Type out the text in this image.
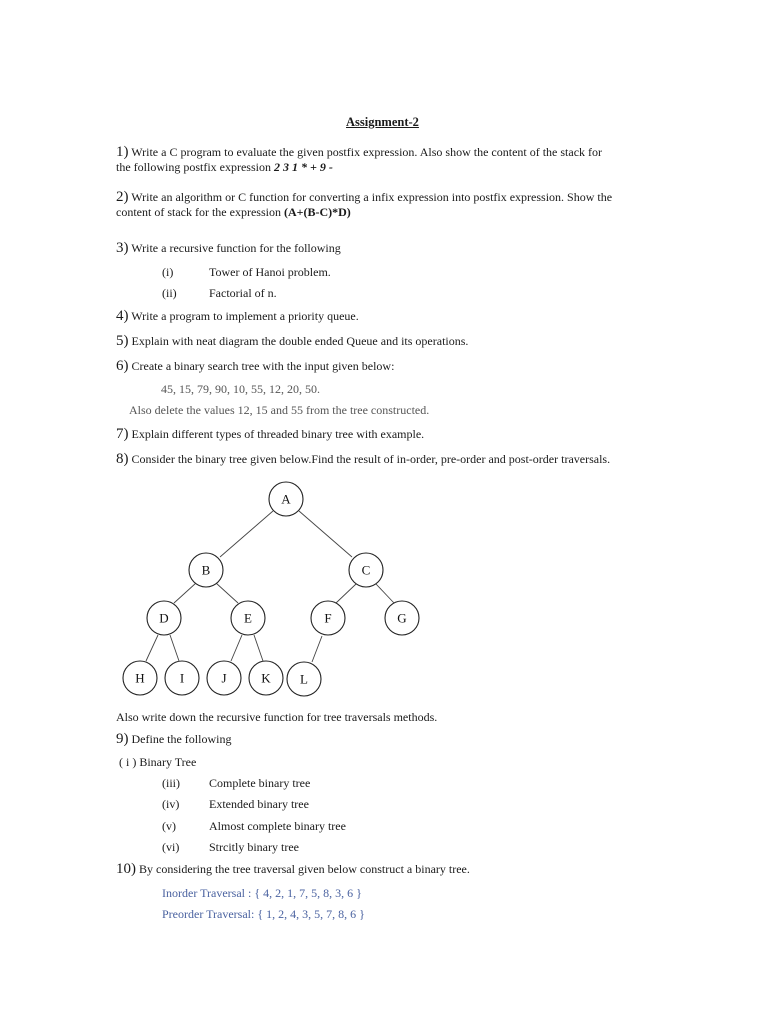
Assignment-2
1) Write a C program to evaluate the given postfix expression. Also show the content of the stack for
the following postfix expression 2 3 1 * + 9 -
2) Write an algorithm or C function for converting a infix expression into postfix expression. Show the
content of stack for the expression (A+(B-C)*D)
3) Write a recursive function for the following
(i)	Tower of Hanoi problem.
(ii)	Factorial of n.
4) Write a program to implement a priority queue.
5) Explain with neat diagram the double ended Queue and its operations.
6) Create a binary search tree with the input given below:
45, 15, 79, 90, 10, 55, 12, 20, 50.
Also delete the values 12, 15 and 55 from the tree constructed.
7) Explain different types of threaded binary tree with example.
8) Consider the binary tree given below.Find the result of in-order, pre-order and post-order traversals.
A
B	C
D	E	F	G
H	I	J	K L
Also write down the recursive function for tree traversals methods.
9) Define the following
( i ) Binary Tree
(iii) Complete binary tree
(iv) Extended binary tree
(v)	Almost complete binary tree
(vi) Strcitly binary tree
10) By considering the tree traversal given below construct a binary tree.
Inorder Traversal : { 4, 2, 1, 7, 5, 8, 3, 6 }
Preorder Traversal: { 1, 2, 4, 3, 5, 7, 8, 6 }
